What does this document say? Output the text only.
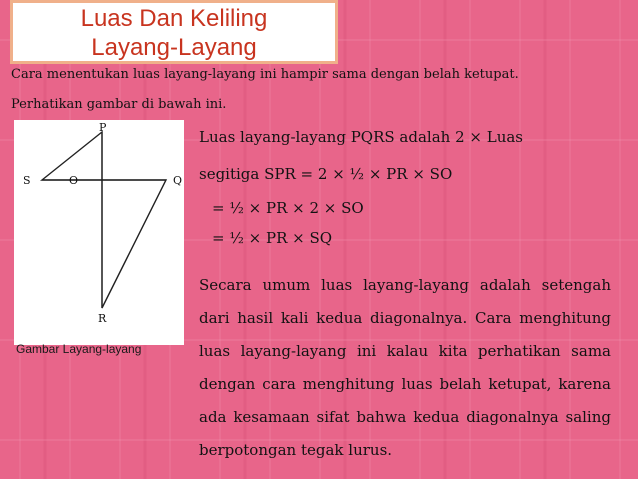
Luas Dan Keliling
Layang-Layang
Cara menentukan luas layang-layang ini hampir sama dengan belah ketupat.
Perhatikan gambar di bawah ini.
P
Q
R
S	O
Gambar Layang-layang
Luas layang-layang PQRS adalah 2 × Luas
segitiga SPR = 2 × ½ × PR × SO
= ½ × PR × 2 × SO
= ½ × PR × SQ
Secara umum luas layang-layang adalah setengah
dari hasil kali kedua diagonalnya. Cara menghitung
luas layang-layang ini kalau kita perhatikan sama
dengan cara menghitung luas belah ketupat, karena
ada kesamaan sifat bahwa kedua diagonalnya saling
berpotongan tegak lurus.
